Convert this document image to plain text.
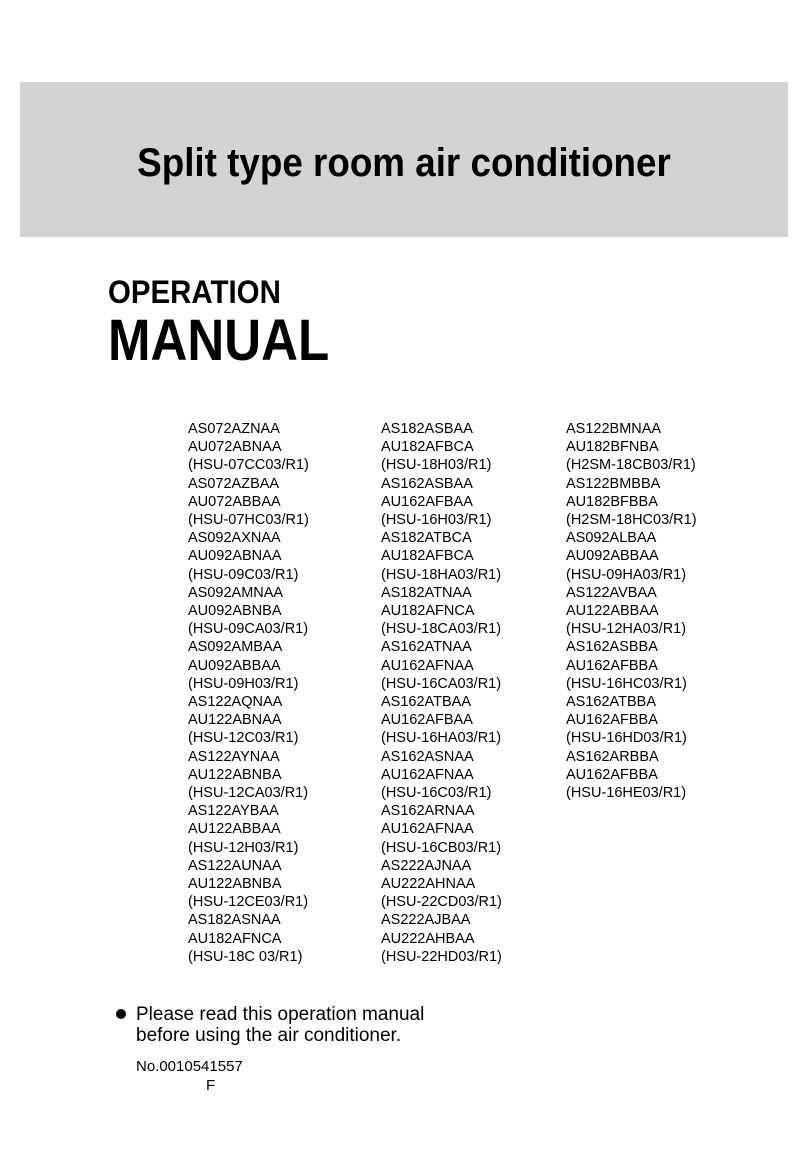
Split type room air conditioner
OPERATION
MANUAL
AS072AZNAA
AU072ABNAA
(HSU-07CC03/R1)
AS072AZBAA
AU072ABBAA
(HSU-07HC03/R1)
AS092AXNAA
AU092ABNAA
(HSU-09C03/R1)
AS092AMNAA
AU092ABNBA
(HSU-09CA03/R1)
AS092AMBAA
AU092ABBAA
(HSU-09H03/R1)
AS122AQNAA
AU122ABNAA
(HSU-12C03/R1)
AS122AYNAA
AU122ABNBA
(HSU-12CA03/R1)
AS122AYBAA
AU122ABBAA
(HSU-12H03/R1)
AS122AUNAA
AU122ABNBA
(HSU-12CE03/R1)
AS182ASNAA
AU182AFNCA
(HSU-18C 03/R1)
AS182ASBAA
AU182AFBCA
(HSU-18H03/R1)
AS162ASBAA
AU162AFBAA
(HSU-16H03/R1)
AS182ATBCA
AU182AFBCA
(HSU-18HA03/R1)
AS182ATNAA
AU182AFNCA
(HSU-18CA03/R1)
AS162ATNAA
AU162AFNAA
(HSU-16CA03/R1)
AS162ATBAA
AU162AFBAA
(HSU-16HA03/R1)
AS162ASNAA
AU162AFNAA
(HSU-16C03/R1)
AS162ARNAA
AU162AFNAA
(HSU-16CB03/R1)
AS222AJNAA
AU222AHNAA
(HSU-22CD03/R1)
AS222AJBAA
AU222AHBAA
(HSU-22HD03/R1)
AS122BMNAA
AU182BFNBA
(H2SM-18CB03/R1)
AS122BMBBA
AU182BFBBA
(H2SM-18HC03/R1)
AS092ALBAA
AU092ABBAA
(HSU-09HA03/R1)
AS122AVBAA
AU122ABBAA
(HSU-12HA03/R1)
AS162ASBBA
AU162AFBBA
(HSU-16HC03/R1)
AS162ATBBA
AU162AFBBA
(HSU-16HD03/R1)
AS162ARBBA
AU162AFBBA
(HSU-16HE03/R1)
Please read this operation manual
before using the air conditioner.
No.0010541557
F
